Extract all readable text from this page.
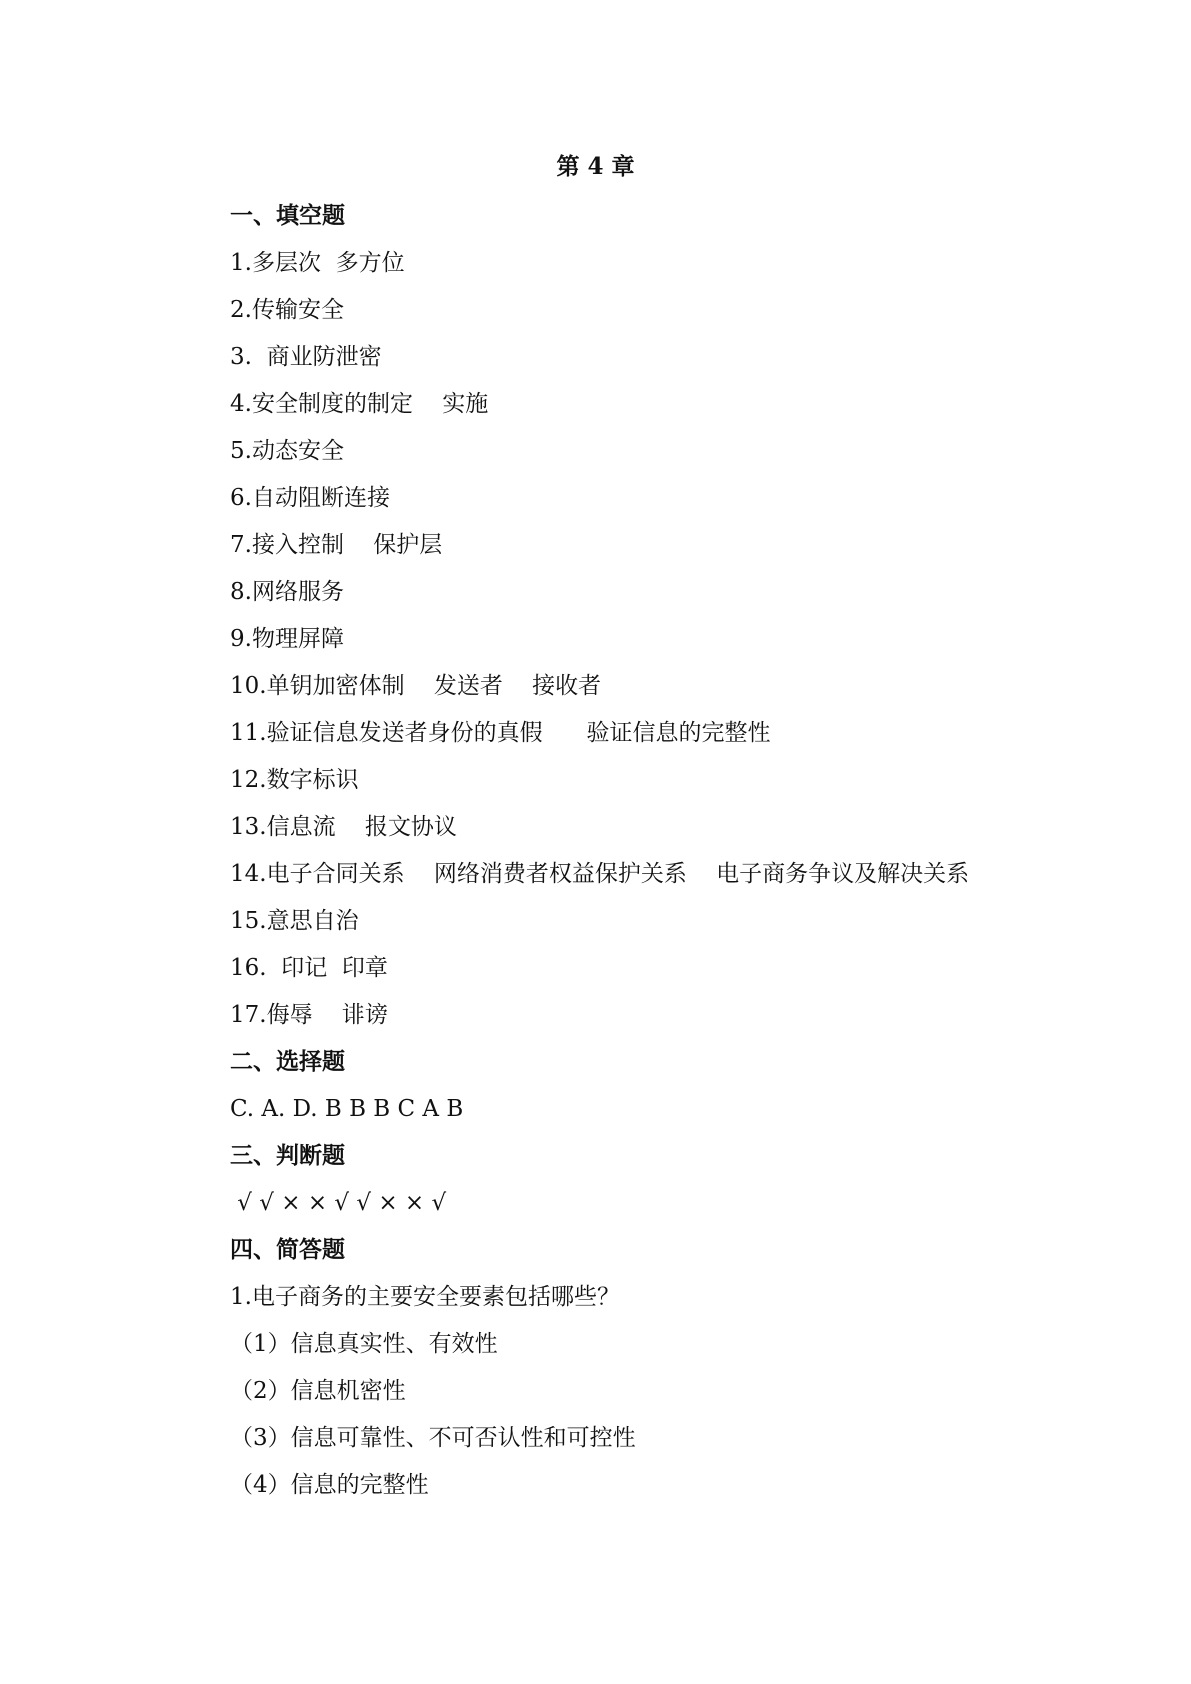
第 4 章
一、填空题
1.多层次  多方位
2.传输安全
3.  商业防泄密
4.安全制度的制定    实施
5.动态安全
6.自动阻断连接
7.接入控制    保护层
8.网络服务
9.物理屏障
10.单钥加密体制    发送者    接收者
11.验证信息发送者身份的真假      验证信息的完整性
12.数字标识
13.信息流    报文协议
14.电子合同关系    网络消费者权益保护关系    电子商务争议及解决关系
15.意思自治
16.  印记  印章
17.侮辱    诽谤
二、选择题
C. A. D. B B B C A B
三、判断题
√ √ × × √ √ × × √
四、简答题
1.电子商务的主要安全要素包括哪些？
（1）信息真实性、有效性
（2）信息机密性
（3）信息可靠性、不可否认性和可控性
（4）信息的完整性
